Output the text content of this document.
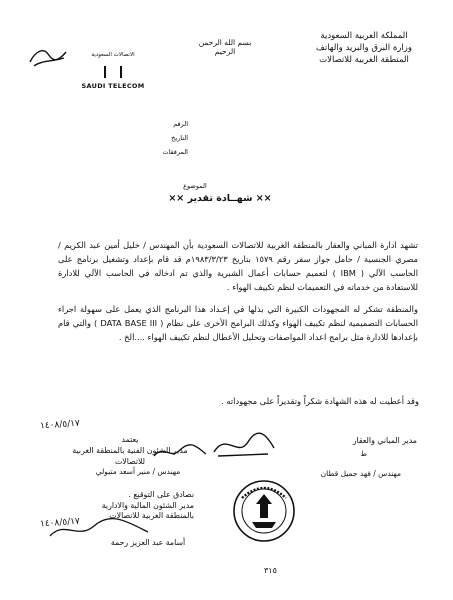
المملكة العربية السعودية
وزارة البرق والبريد والهاتف
المنطقة الغربية للاتصالات
بسم الله الرحمن الرحيم
الاتصالات السعودية
SAUDI TELECOM
الرقم
التاريخ
المرفقات
الموضوع
×× شهــادة تقدير ××
تشهد ادارة المباني والعقار بالمنطقة الغربية للاتصالات السعودية بأن المهندس / خليل أمين عبد الكريم / مصري الجنسية / حامل جواز سفر رقم ١٥٧٩ بتاريخ ١٩٨٣/٣/٢٣م قد قام بإعداد وتشغيل برنامج على الحاسب الآلي ( IBM ) لتعميم حسابات أعمال الشبرية والذي تم ادخاله في الحاسب الآلي للادارة للاستفادة من خدماته في التعميمات لنظم تكييف الهواء .
والمنطقة تشكر له المجهودات الكبيرة التي بذلها في إعـداد هذا البرنامج الذي يعمل على سهولة اجراء الحسابات التصميمية لنظم تكييف الهواء وكذلك البرامج الأخرى على نظام ( DATA BASE III ) والتي قام بإعدادها للادارة مثل برامج اعداد المواصفات وتحليل الأعطال لنظم تكييف الهواء ....الخ .
وقد أعطيت له هذه الشهادة شكراً وتقديراً على مجهوداته .
يعتمد
مدير الشئون الفنية بالمنطقة الغربية للاتصالات
١٤٠٨/٥/١٧
مهندس / منير أسعد متبولي
مدير المباني والعقار
ط
مهندس / فهد جميل قطان
نصادق على التوقيع .
مدير الشئون المالية والادارية
بالمنطقة الغربية للاتصالات
١٤٠٨/٥/١٧
أسامة عبد العزيز رحمة
٣١٥
